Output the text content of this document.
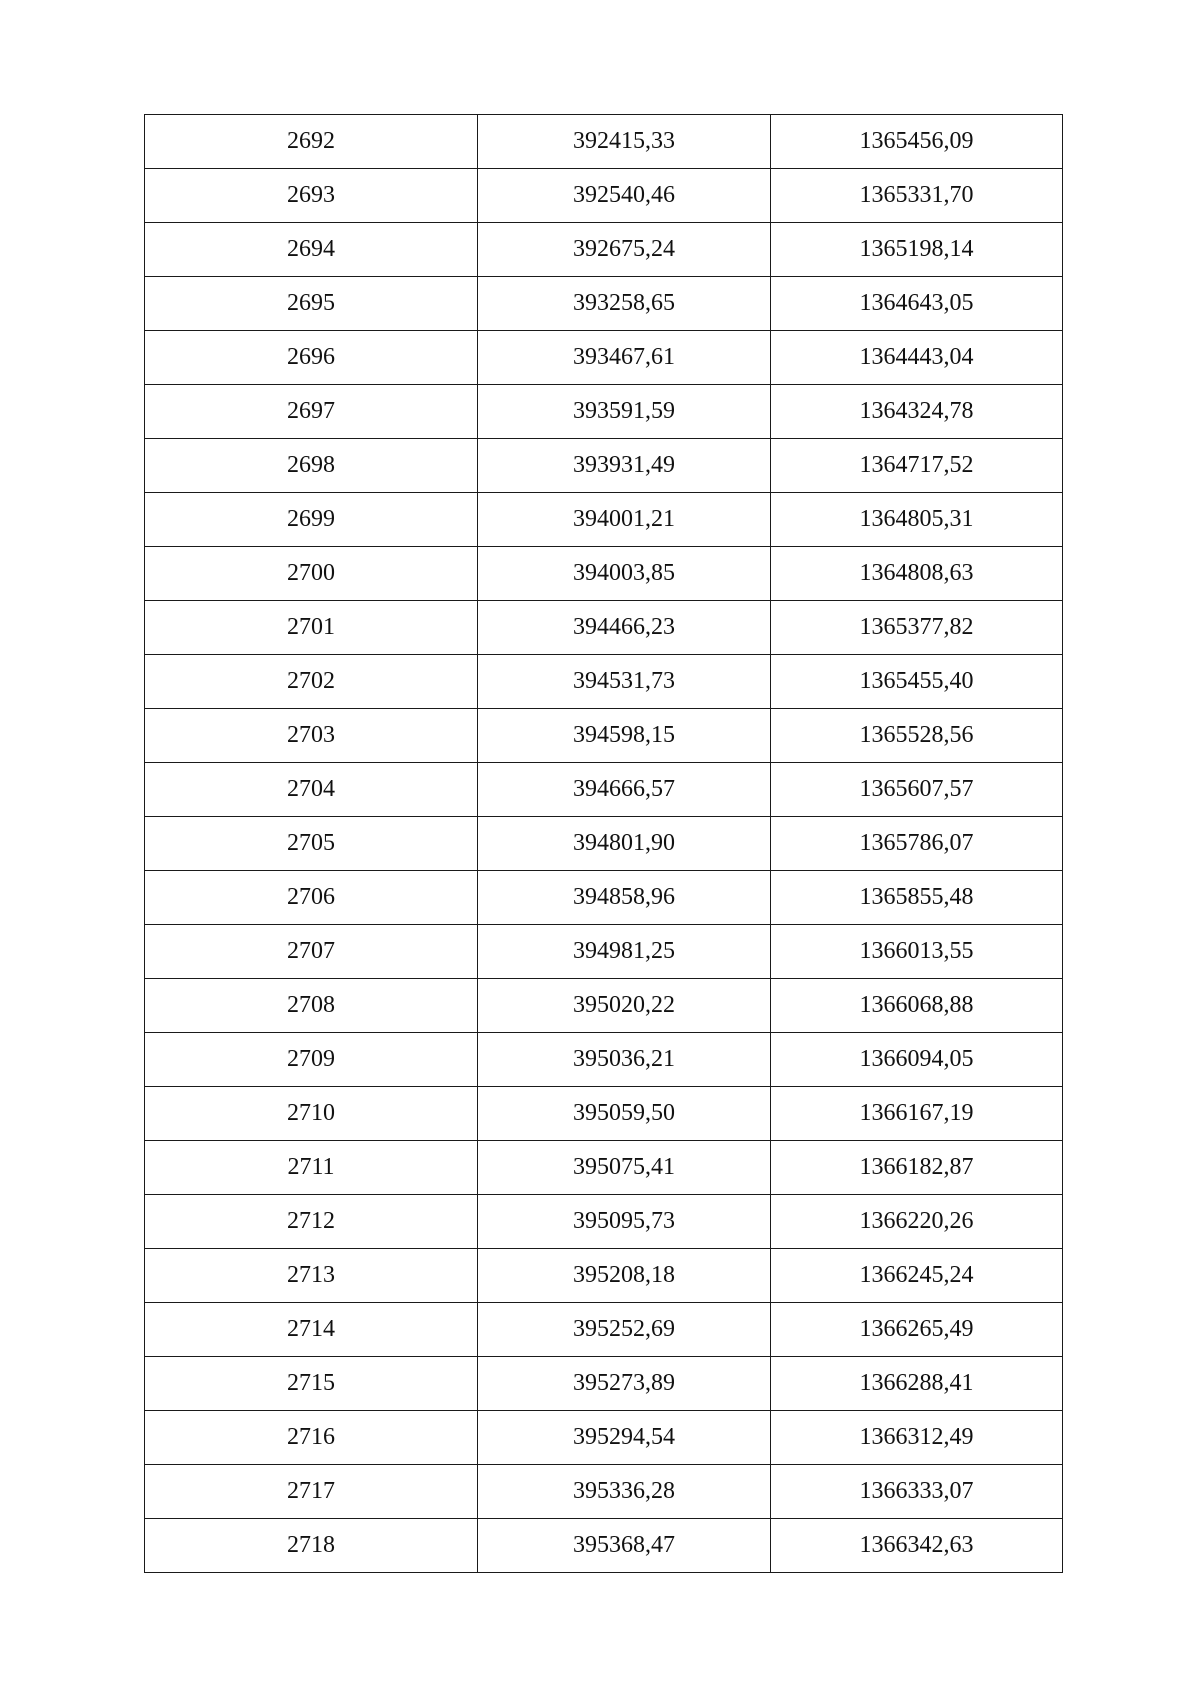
2692	392415,33	1365456,09
2693	392540,46	1365331,70
2694	392675,24	1365198,14
2695	393258,65	1364643,05
2696	393467,61	1364443,04
2697	393591,59	1364324,78
2698	393931,49	1364717,52
2699	394001,21	1364805,31
2700	394003,85	1364808,63
2701	394466,23	1365377,82
2702	394531,73	1365455,40
2703	394598,15	1365528,56
2704	394666,57	1365607,57
2705	394801,90	1365786,07
2706	394858,96	1365855,48
2707	394981,25	1366013,55
2708	395020,22	1366068,88
2709	395036,21	1366094,05
2710	395059,50	1366167,19
2711	395075,41	1366182,87
2712	395095,73	1366220,26
2713	395208,18	1366245,24
2714	395252,69	1366265,49
2715	395273,89	1366288,41
2716	395294,54	1366312,49
2717	395336,28	1366333,07
2718	395368,47	1366342,63
